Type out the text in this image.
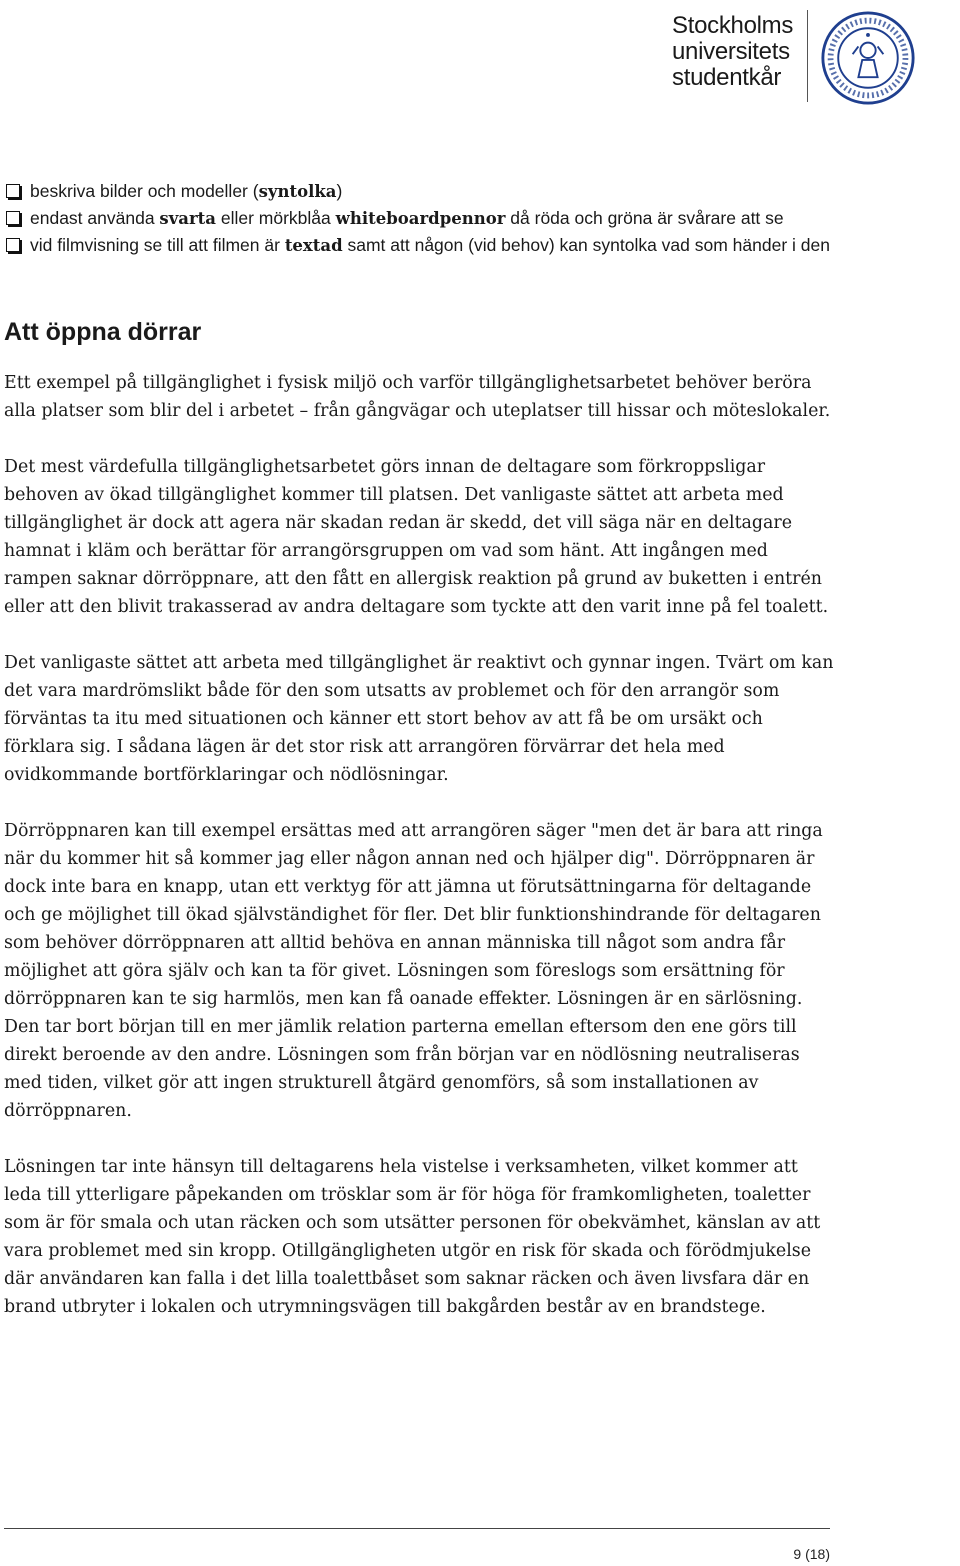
Stockholms
universitets
studentkår
beskriva bilder och modeller (syntolka)
endast använda svarta eller mörkblåa whiteboardpennor då röda och gröna är svårare att se
vid filmvisning se till att filmen är textad samt att någon (vid behov) kan syntolka vad som händer i den
Att öppna dörrar

Ett exempel på tillgänglighet i fysisk miljö och varför tillgänglighetsarbetet behöver beröra alla platser som blir del i arbetet – från gångvägar och uteplatser till hissar och möteslokaler.

Det mest värdefulla tillgänglighetsarbetet görs innan de deltagare som förkroppsligar behoven av ökad tillgänglighet kommer till platsen. Det vanligaste sättet att arbeta med tillgänglighet är dock att agera när skadan redan är skedd, det vill säga när en deltagare hamnat i kläm och berättar för arrangörsgruppen om vad som hänt. Att ingången med rampen saknar dörröppnare, att den fått en allergisk reaktion på grund av buketten i entrén eller att den blivit trakasserad av andra deltagare som tyckte att den varit inne på fel toalett.

Det vanligaste sättet att arbeta med tillgänglighet är reaktivt och gynnar ingen. Tvärt om kan det vara mardrömslikt både för den som utsatts av problemet och för den arrangör som förväntas ta itu med situationen och känner ett stort behov av att få be om ursäkt och förklara sig. I sådana lägen är det stor risk att arrangören förvärrar det hela med ovidkommande bortförklaringar och nödlösningar.

Dörröppnaren kan till exempel ersättas med att arrangören säger "men det är bara att ringa när du kommer hit så kommer jag eller någon annan ned och hjälper dig". Dörröppnaren är dock inte bara en knapp, utan ett verktyg för att jämna ut förutsättningarna för deltagande och ge möjlighet till ökad självständighet för fler. Det blir funktionshindrande för deltagaren som behöver dörröppnaren att alltid behöva en annan människa till något som andra får möjlighet att göra själv och kan ta för givet. Lösningen som föreslogs som ersättning för dörröppnaren kan te sig harmlös, men kan få oanade effekter. Lösningen är en särlösning. Den tar bort början till en mer jämlik relation parterna emellan eftersom den ene görs till direkt beroende av den andre. Lösningen som från början var en nödlösning neutraliseras med tiden, vilket gör att ingen strukturell åtgärd genomförs, så som installationen av dörröppnaren.

Lösningen tar inte hänsyn till deltagarens hela vistelse i verksamheten, vilket kommer att leda till ytterligare påpekanden om trösklar som är för höga för framkomligheten, toaletter som är för smala och utan räcken och som utsätter personen för obekvämhet, känslan av att vara problemet med sin kropp. Otillgängligheten utgör en risk för skada och förödmjukelse där användaren kan falla i det lilla toalettbåset som saknar räcken och även livsfara där en brand utbryter i lokalen och utrymningsvägen till bakgården består av en brandstege.

9 (18)
